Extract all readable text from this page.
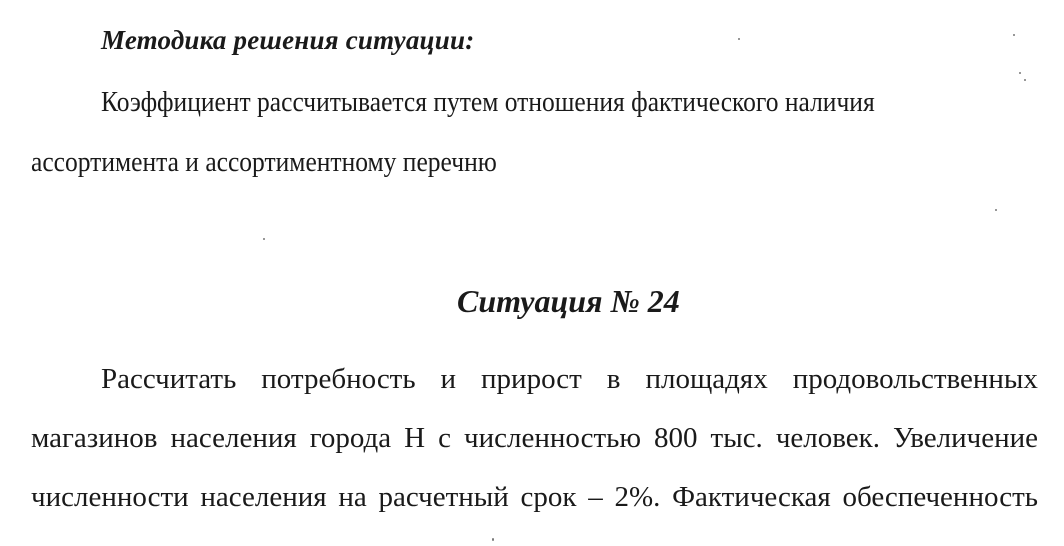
Методика решения ситуации:
Коэффициент рассчитывается путем отношения фактического наличия
ассортимента и ассортиментному перечню
Ситуация № 24
Рассчитать потребность и прирост в площадях продовольственных
магазинов населения города Н с численностью 800 тыс. человек. Увеличение
численности населения на расчетный срок – 2%. Фактическая обеспеченность
